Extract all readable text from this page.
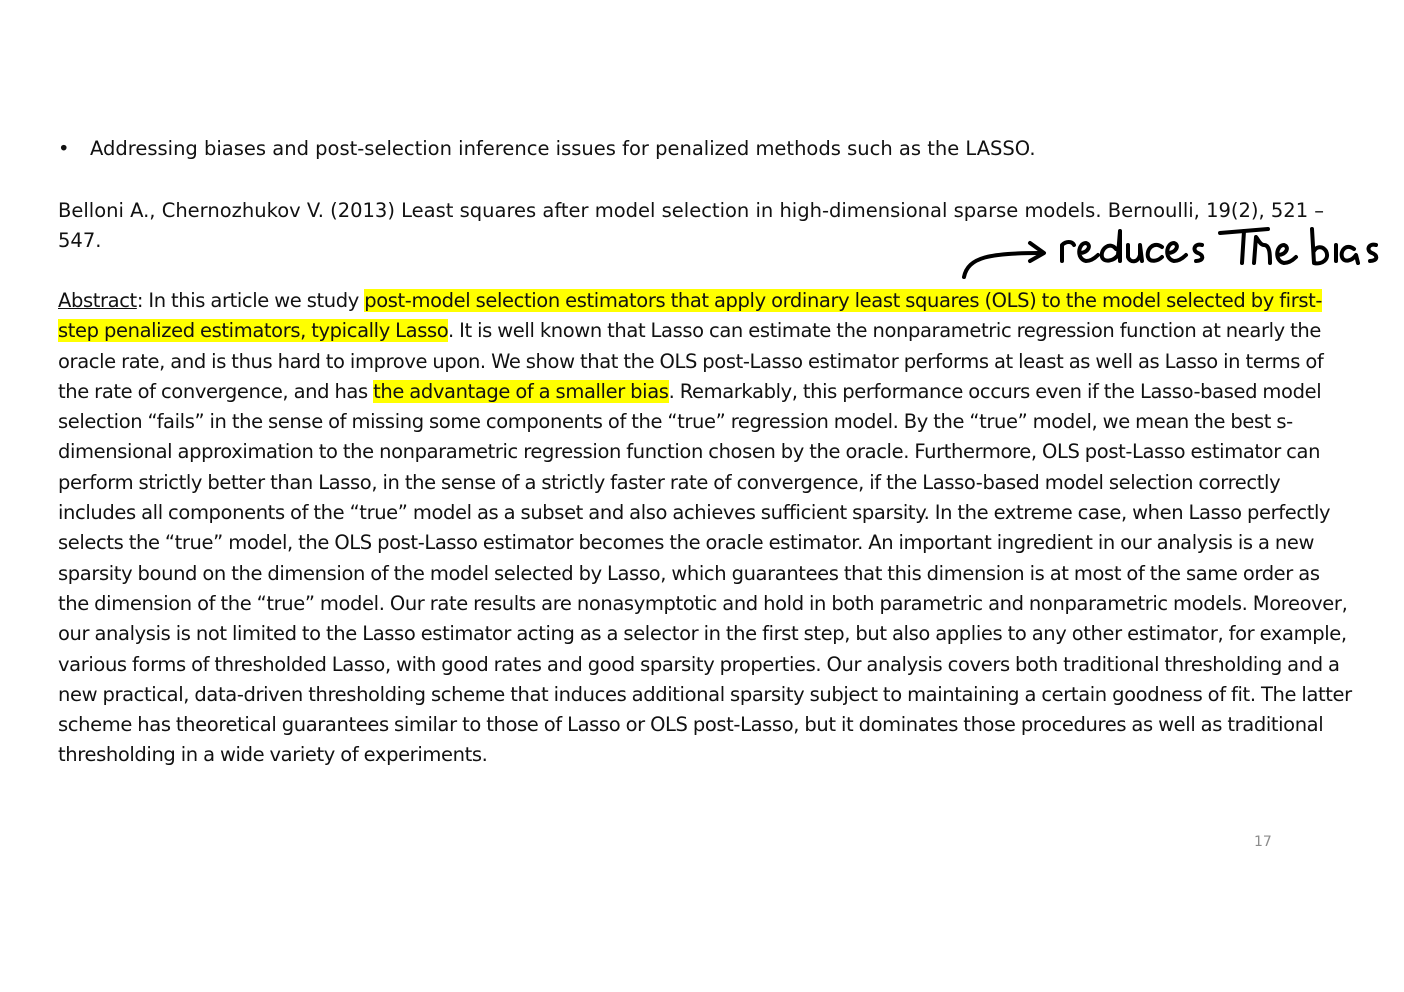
• Addressing biases and post-selection inference issues for penalized methods such as the LASSO.
Belloni A., Chernozhukov V. (2013) Least squares after model selection in high-dimensional sparse models. Bernoulli, 19(2), 521 – 547.
Abstract: In this article we study post-model selection estimators that apply ordinary least squares (OLS) to the model selected by first-step penalized estimators, typically Lasso. It is well known that Lasso can estimate the nonparametric regression function at nearly the oracle rate, and is thus hard to improve upon. We show that the OLS post-Lasso estimator performs at least as well as Lasso in terms of the rate of convergence, and has the advantage of a smaller bias. Remarkably, this performance occurs even if the Lasso-based model selection “fails” in the sense of missing some components of the “true” regression model. By the “true” model, we mean the best s-dimensional approximation to the nonparametric regression function chosen by the oracle. Furthermore, OLS post-Lasso estimator can perform strictly better than Lasso, in the sense of a strictly faster rate of convergence, if the Lasso-based model selection correctly includes all components of the “true” model as a subset and also achieves sufficient sparsity. In the extreme case, when Lasso perfectly selects the “true” model, the OLS post-Lasso estimator becomes the oracle estimator. An important ingredient in our analysis is a new sparsity bound on the dimension of the model selected by Lasso, which guarantees that this dimension is at most of the same order as the dimension of the “true” model. Our rate results are nonasymptotic and hold in both parametric and nonparametric models. Moreover, our analysis is not limited to the Lasso estimator acting as a selector in the first step, but also applies to any other estimator, for example, various forms of thresholded Lasso, with good rates and good sparsity properties. Our analysis covers both traditional thresholding and a new practical, data-driven thresholding scheme that induces additional sparsity subject to maintaining a certain goodness of fit. The latter scheme has theoretical guarantees similar to those of Lasso or OLS post-Lasso, but it dominates those procedures as well as traditional thresholding in a wide variety of experiments.
17
